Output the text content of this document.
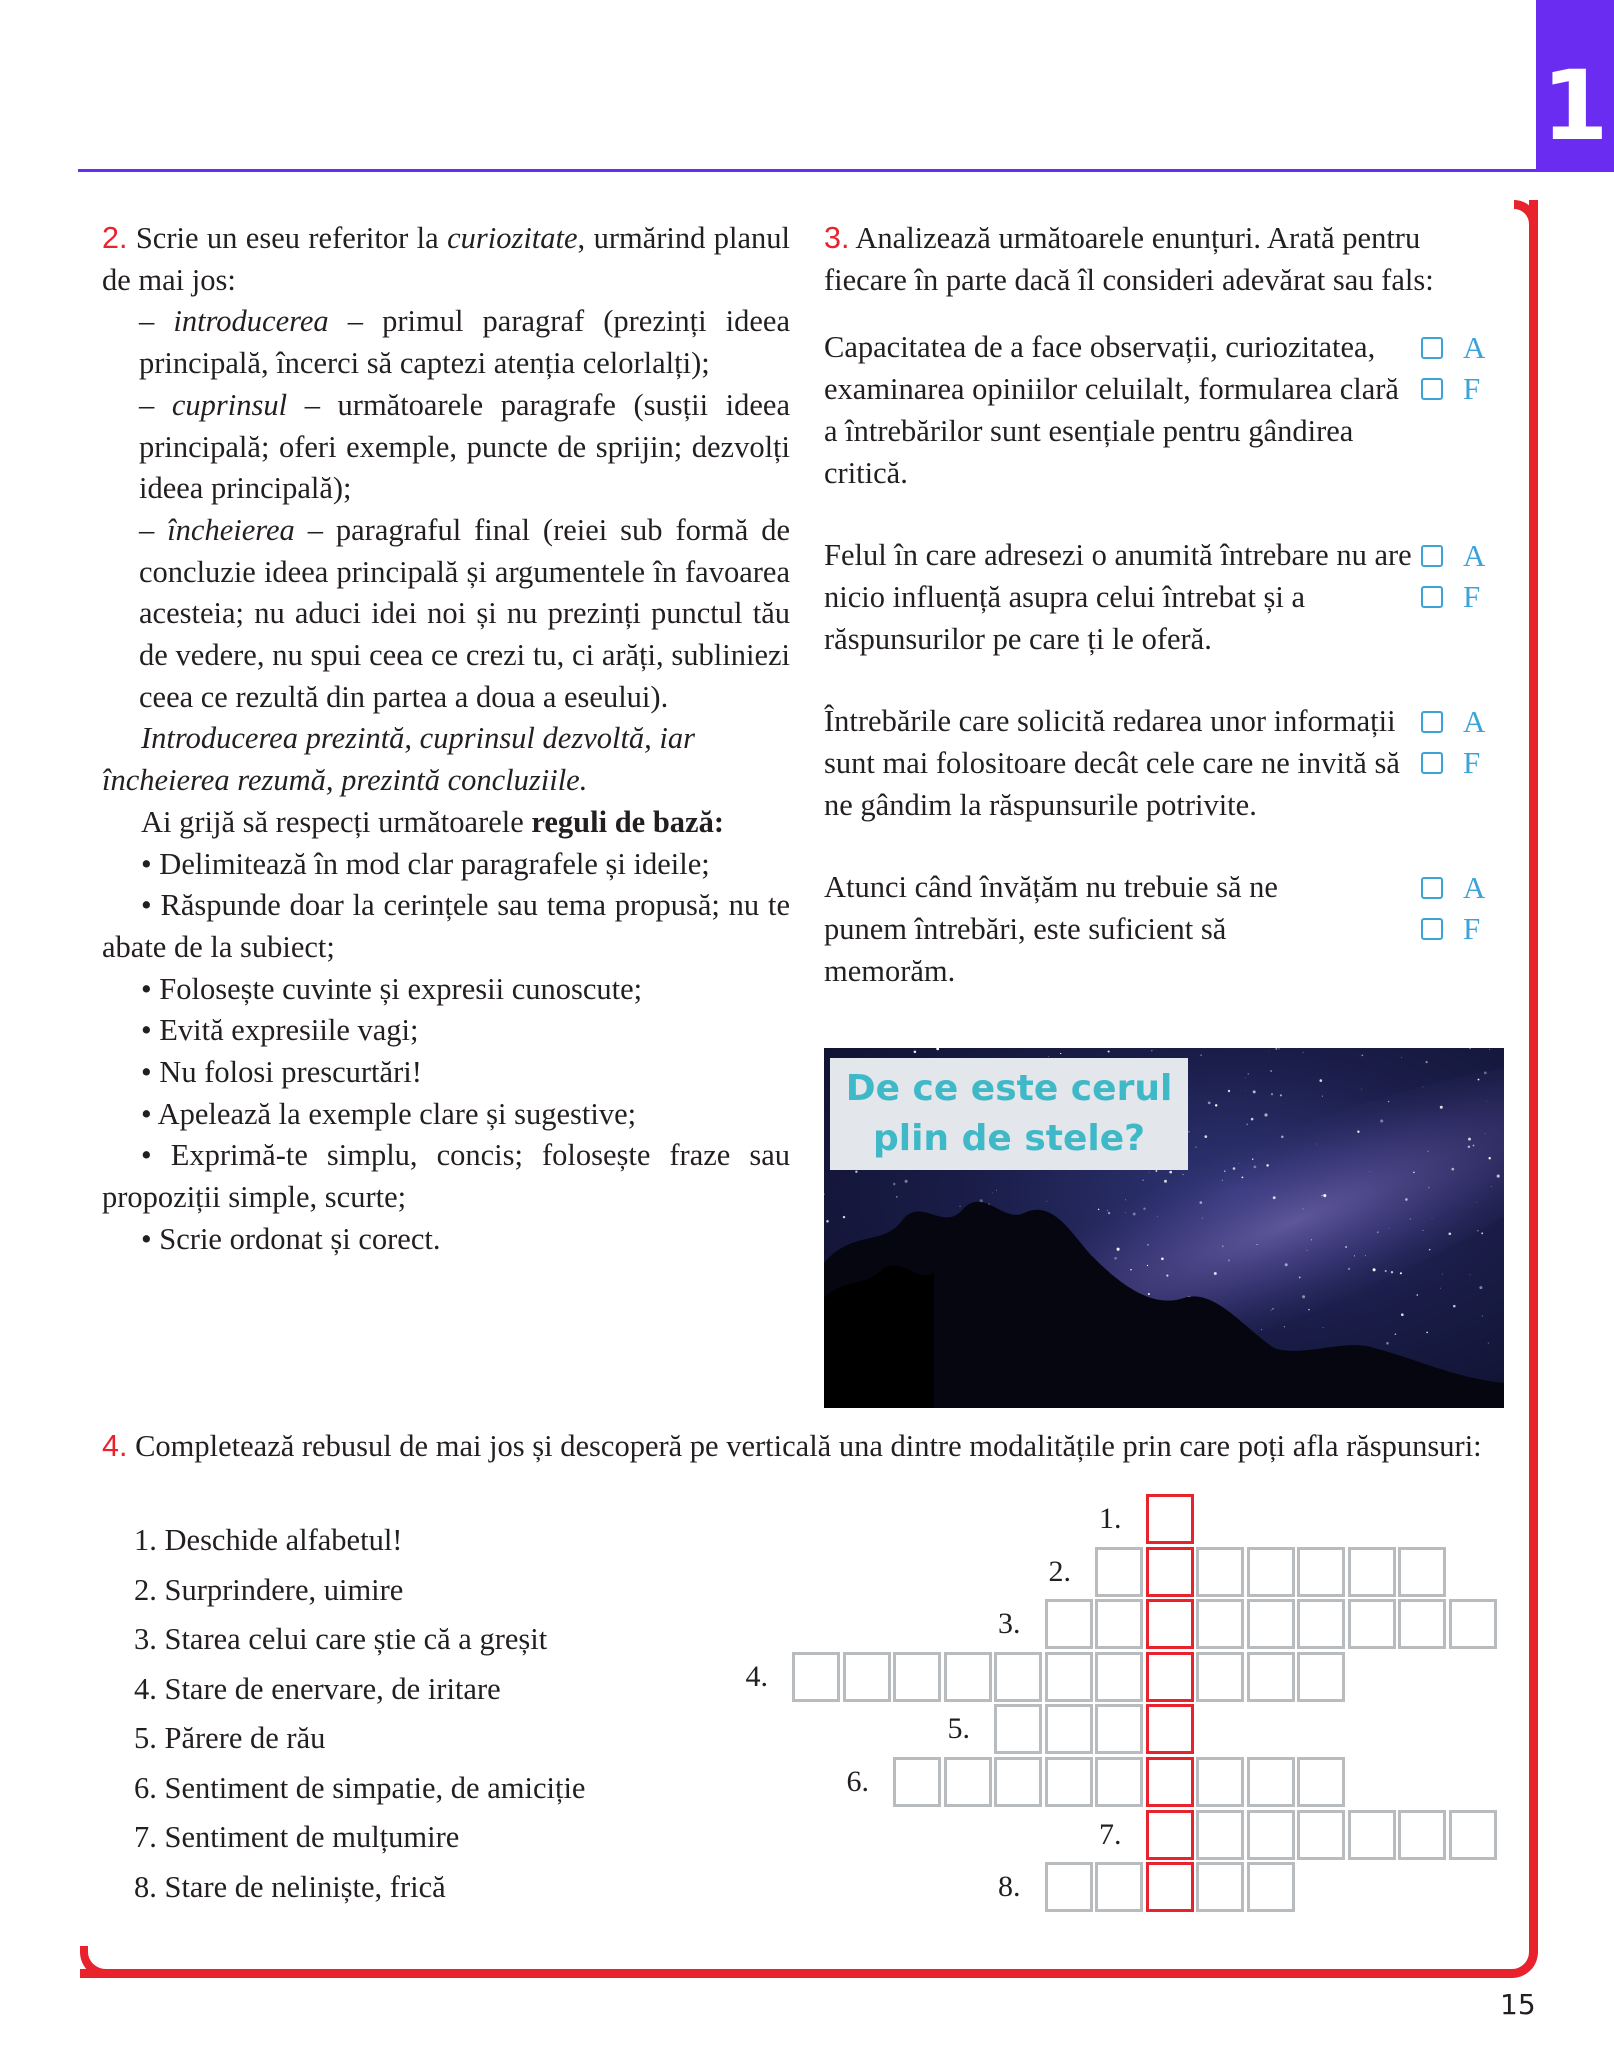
1

2. Scrie un eseu referitor la curiozitate, urmărind planul de mai jos:

– introducerea – primul paragraf (prezinți ideea principală, încerci să captezi atenția celorlalți);

– cuprinsul – următoarele paragrafe (susții ideea principală; oferi exemple, puncte de sprijin; dezvolți ideea principală);

– încheierea – paragraful final (reiei sub formă de concluzie ideea principală și argumentele în favoarea acesteia; nu aduci idei noi și nu prezinți punctul tău de vedere, nu spui ceea ce crezi tu, ci arăți, subliniezi ceea ce rezultă din partea a doua a eseului).

Introducerea prezintă, cuprinsul dezvoltă, iar încheierea rezumă, prezintă concluziile.

Ai grijă să respecți următoarele reguli de bază:

• Delimitează în mod clar paragrafele și ideile;

• Răspunde doar la cerințele sau tema propusă; nu te abate de la subiect;

• Folosește cuvinte și expresii cunoscute;

• Evită expresiile vagi;

• Nu folosi prescurtări!

• Apelează la exemple clare și sugestive;

• Exprimă-te simplu, concis; folosește fraze sau propoziții simple, scurte;

• Scrie ordonat și corect.

3. Analizează următoarele enunțuri. Arată pentru fiecare în parte dacă îl consideri adevărat sau fals:

Capacitatea de a face observații, curiozitatea, examinarea opiniilor celuilalt, formularea clară a întrebărilor sunt esențiale pentru gândirea critică.
A
F
Felul în care adresezi o anumită întrebare nu are nicio influență asupra celui întrebat și a răspunsurilor pe care ți le oferă.
A
F
Întrebările care solicită redarea unor informații sunt mai folositoare decât cele care ne invită să ne gândim la răspunsurile potrivite.
A
F
Atunci când învățăm nu trebuie să ne punem întrebări, este suficient să memorăm.
A
F
De ce este cerul plin de stele?

4. Completează rebusul de mai jos și descoperă pe verticală una dintre modalitățile prin care poți afla răspunsuri:

1. Deschide alfabetul!

2. Surprindere, uimire

3. Starea celui care știe că a greșit

4. Stare de enervare, de iritare

5. Părere de rău

6. Sentiment de simpatie, de amiciție

7. Sentiment de mulțumire

8. Stare de neliniște, frică

1.
2.
3.
4.
5.
6.
7.
8.
15
